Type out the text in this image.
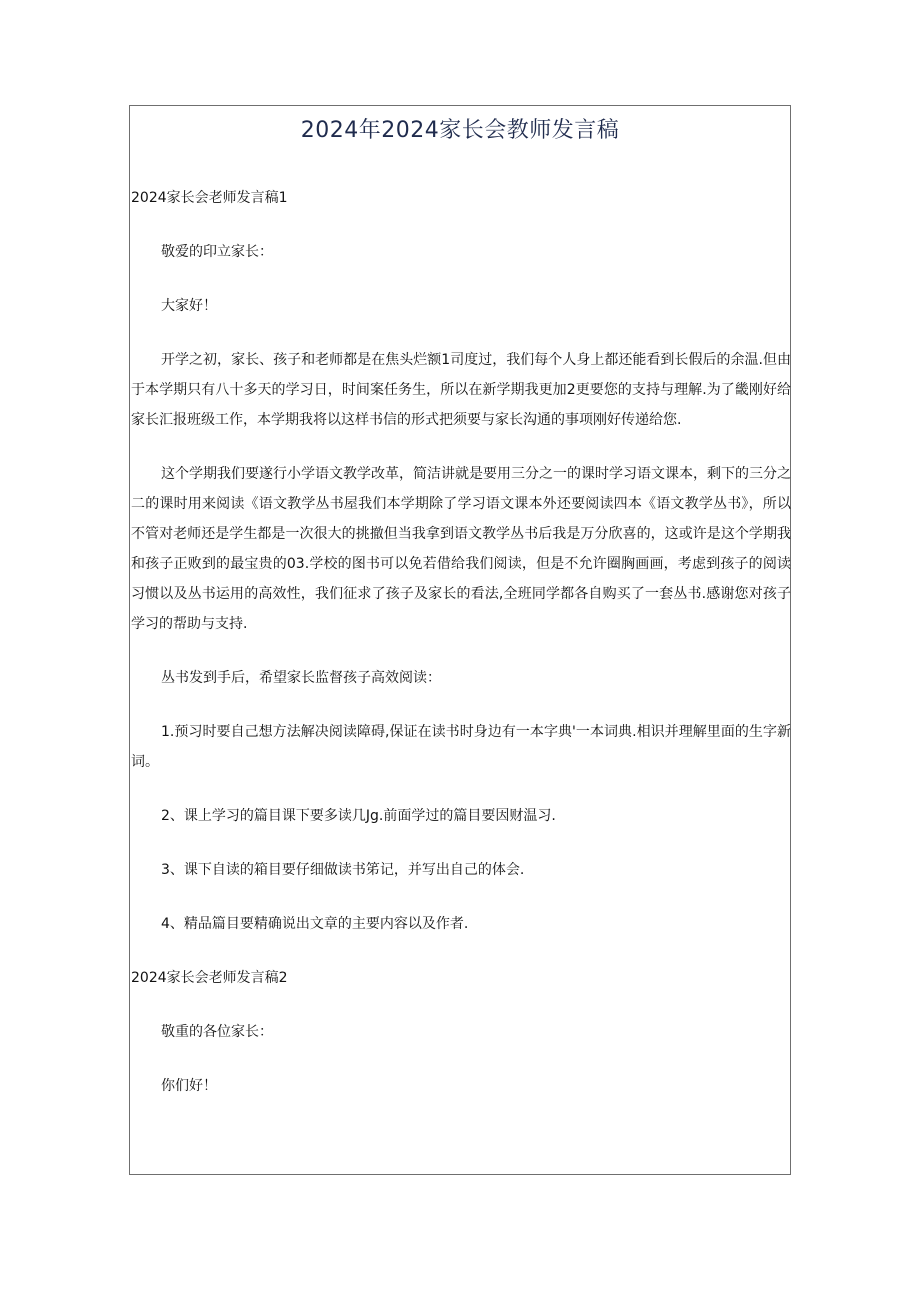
2024年2024家长会教师发言稿

2024家长会老师发言稿1

敬爱的印立家长：

大家好！

开学之初，家长、孩子和老师都是在焦头烂额1司度过，我们每个人身上都还能看到长假后的余温.但由于本学期只有八十多天的学习日，时间案任务生，所以在新学期我更加2更要您的支持与理解.为了畿刚好给家长汇报班级工作，本学期我将以这样书信的形式把须要与家长沟通的事项刚好传递给您.

这个学期我们要遂行小学语文教学改革，简洁讲就是要用三分之一的课时学习语文课本，剩下的三分之二的课时用来阅读《语文教学丛书屋我们本学期除了学习语文课本外还要阅读四本《语文教学丛书》，所以不管对老师还是学生都是一次很大的挑撤但当我拿到语文教学丛书后我是万分欣喜的，这或许是这个学期我和孩子正败到的最宝贵的03.学校的图书可以免若借给我们阅读，但是不允许圈胸画画，考虑到孩子的阅读习惯以及丛书运用的高效性，我们征求了孩子及家长的看法,全班同学都各自购买了一套丛书.感谢您对孩子学习的帮助与支持.

丛书发到手后，希望家长监督孩子高效阅读：

1.预习时要自己想方法解决阅读障碍,保证在读书时身边有一本字典'一本词典.相识并理解里面的生字新词。

2、课上学习的篇目课下要多读几Jg.前面学过的篇目要因财温习.

3、课下自读的箱目要仔细做读书笫记，并写出自己的体会.

4、精品篇目要精确说出文章的主要内容以及作者.

2024家长会老师发言稿2

敬重的各位家长：

你们好！
